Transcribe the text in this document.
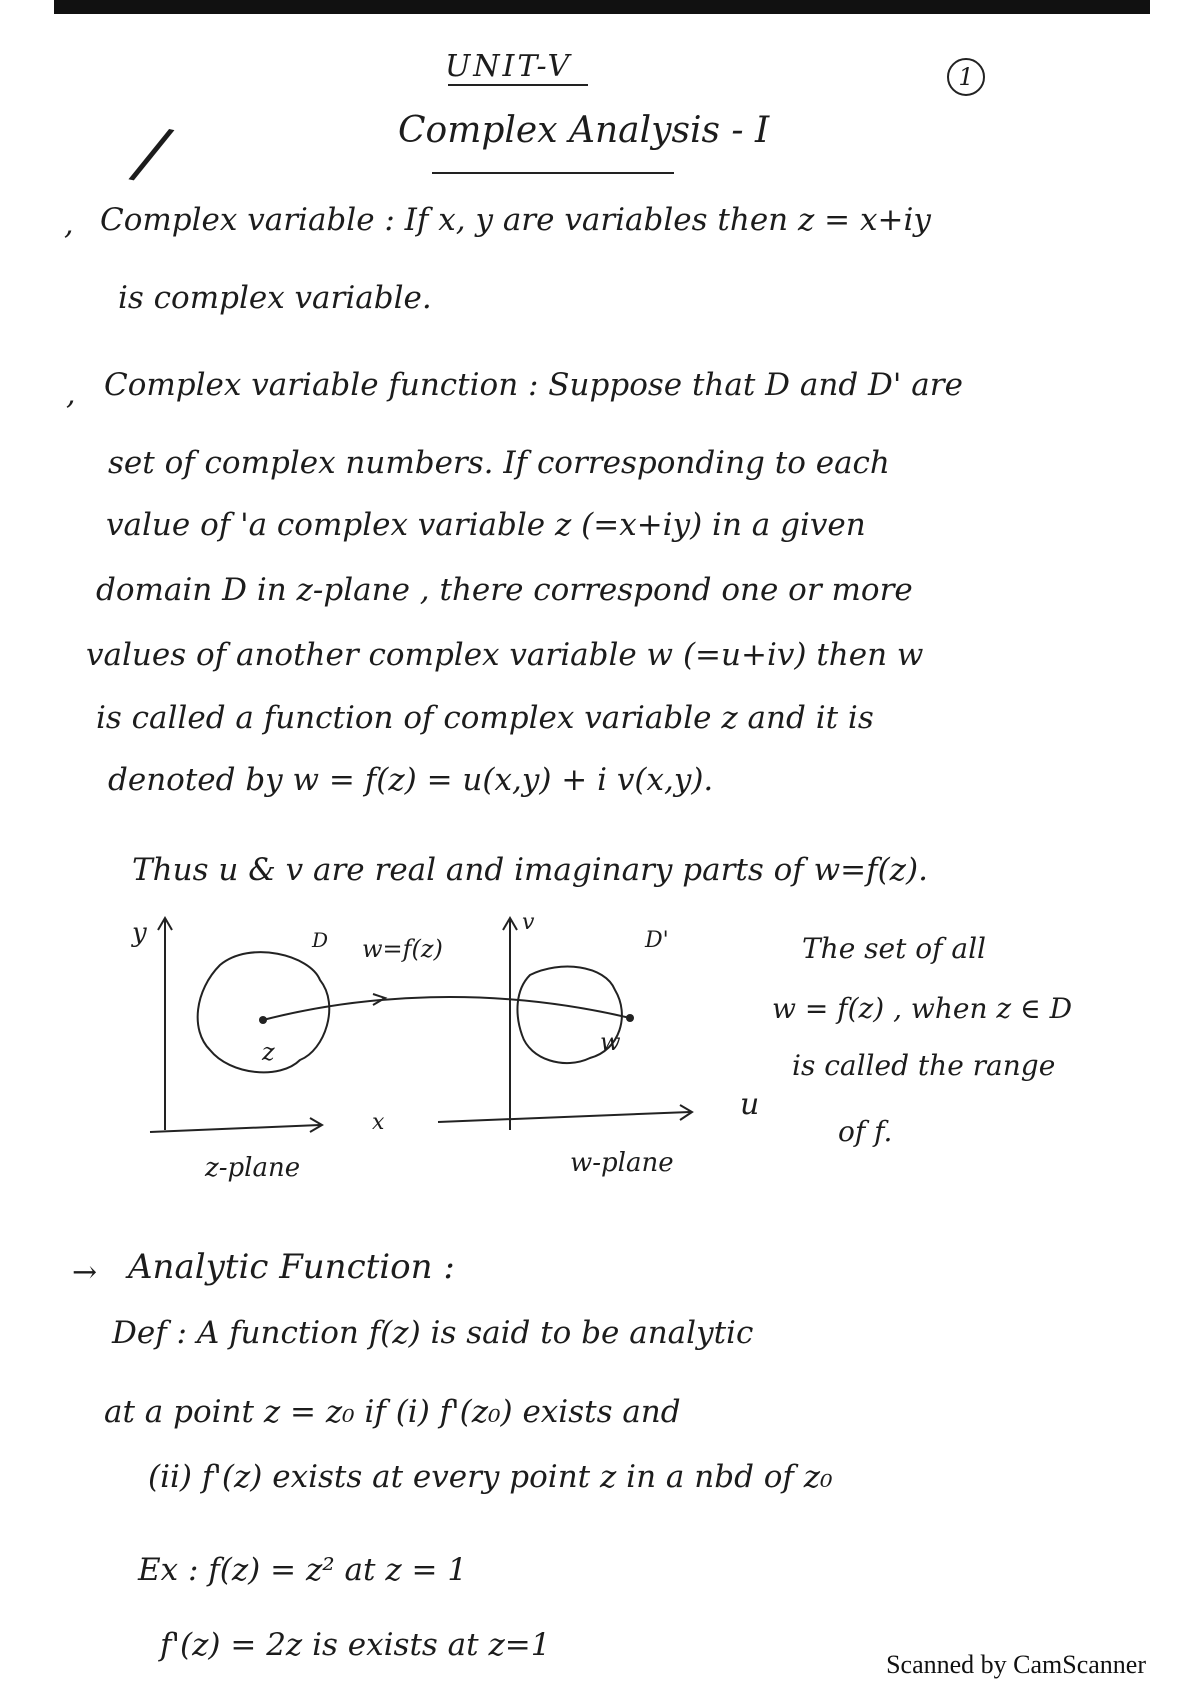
UNIT-V
Complex Analysis - I
1
/
, Complex variable : If x, y are variables then z = x+iy
is complex variable.
, Complex variable function : Suppose that D and D' are
set of complex numbers. If corresponding to each
value of 'a complex variable z (=x+iy) in a given
domain D in z-plane , there correspond one or more
values of another complex variable w (=u+iv) then w
is called a function of complex variable z and it is
denoted by w = f(z) = u(x,y) + i v(x,y).
Thus u & v are real and imaginary parts of w=f(z).
y	D
z
x
z-plane
w=f(z)
v
D'
w
u
w-plane
The set of all
w = f(z) , when z ∈ D
is called the range
of f.
→ Analytic Function :
Def : A function f(z) is said to be analytic
at a point z = z₀ if (i) f'(z₀) exists and
(ii) f'(z) exists at every point z in a nbd of z₀
Ex : f(z) = z² at z = 1
f'(z) = 2z is exists at z=1
Scanned by CamScanner
